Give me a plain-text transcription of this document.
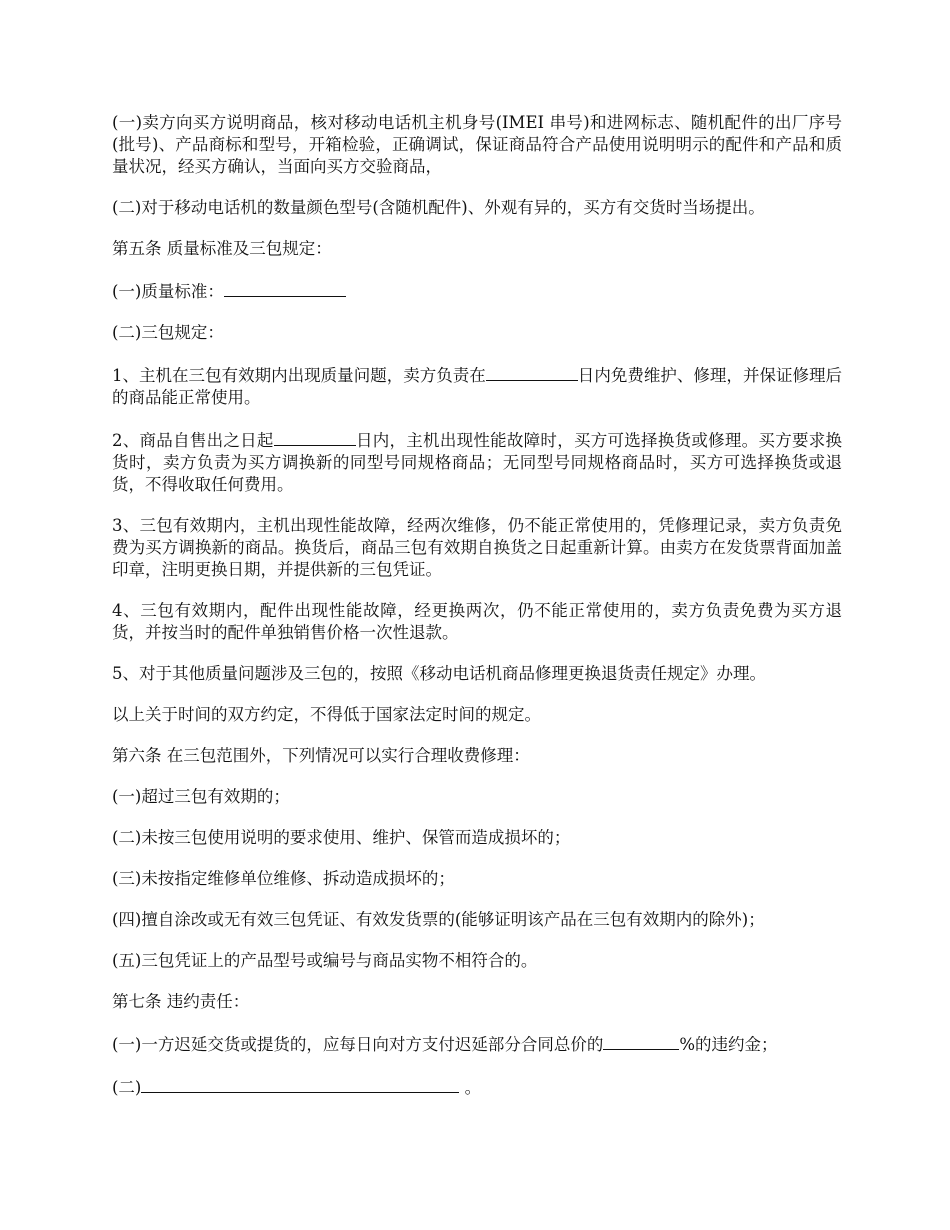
(一)卖方向买方说明商品，核对移动电话机主机身号(IMEI 串号)和进网标志、随机配件的出厂序号(批号)、产品商标和型号，开箱检验，正确调试，保证商品符合产品使用说明明示的配件和产品和质量状况，经买方确认，当面向买方交验商品，

(二)对于移动电话机的数量颜色型号(含随机配件)、外观有异的，买方有交货时当场提出。

第五条 质量标准及三包规定：

(一)质量标准：

(二)三包规定：

1、主机在三包有效期内出现质量问题，卖方负责在	日内免费维护、修理，并保证修理后的商品能正常使用。

2、商品自售出之日起	日内，主机出现性能故障时，买方可选择换货或修理。买方要求换货时，卖方负责为买方调换新的同型号同规格商品；无同型号同规格商品时，买方可选择换货或退货，不得收取任何费用。

3、三包有效期内，主机出现性能故障，经两次维修，仍不能正常使用的，凭修理记录，卖方负责免费为买方调换新的商品。换货后，商品三包有效期自换货之日起重新计算。由卖方在发货票背面加盖印章，注明更换日期，并提供新的三包凭证。

4、三包有效期内，配件出现性能故障，经更换两次，仍不能正常使用的，卖方负责免费为买方退货，并按当时的配件单独销售价格一次性退款。

5、对于其他质量问题涉及三包的，按照《移动电话机商品修理更换退货责任规定》办理。

以上关于时间的双方约定，不得低于国家法定时间的规定。

第六条 在三包范围外，下列情况可以实行合理收费修理：

(一)超过三包有效期的；

(二)未按三包使用说明的要求使用、维护、保管而造成损坏的；

(三)未按指定维修单位维修、拆动造成损坏的；

(四)擅自涂改或无有效三包凭证、有效发货票的(能够证明该产品在三包有效期内的除外)；

(五)三包凭证上的产品型号或编号与商品实物不相符合的。

第七条 违约责任：

(一)一方迟延交货或提货的，应每日向对方支付迟延部分合同总价的	%的违约金；

(二)	。
